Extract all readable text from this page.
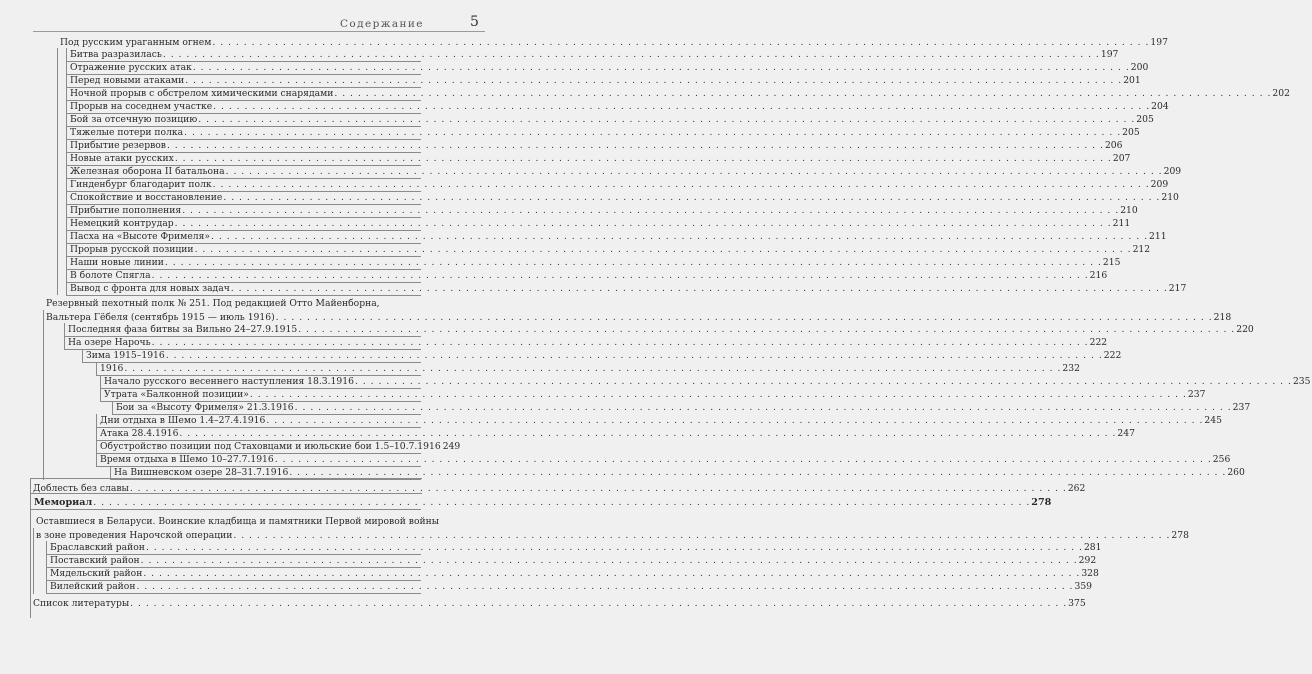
Содержание	5
Под русским ураганным огнем . . . . . . . . . . . . . . . . . . . . . . . . . . . . . . . . . . . . . . . . . . . . . . . . . . . . . . . . . . . . . . . . . . . . . . . . . . . . . . . . . . . . . . . . . . . . . . . . . . . . . . . . . . . . . . . . . . . . . . . . 197
Битва разразилась . . . . . . . . . . . . . . . . . . . . . . . . . . . . . . . . . . . . . . . . . . . . . . . . . . . . . . . . . . . . . . . . . . . . . . . . . . . . . . . . . . . . . . . . . . . . . . . . . . . . . . . . . . . . . . . . . . . . . . . . 197
Отражение русских атак . . . . . . . . . . . . . . . . . . . . . . . . . . . . . . . . . . . . . . . . . . . . . . . . . . . . . . . . . . . . . . . . . . . . . . . . . . . . . . . . . . . . . . . . . . . . . . . . . . . . . . . . . . . . . . . . . . . . . . . . 200
Перед новыми атаками . . . . . . . . . . . . . . . . . . . . . . . . . . . . . . . . . . . . . . . . . . . . . . . . . . . . . . . . . . . . . . . . . . . . . . . . . . . . . . . . . . . . . . . . . . . . . . . . . . . . . . . . . . . . . . . . . . . . . . . . 201
Ночной прорыв с обстрелом химическими снарядами . . . . . . . . . . . . . . . . . . . . . . . . . . . . . . . . . . . . . . . . . . . . . . . . . . . . . . . . . . . . . . . . . . . . . . . . . . . . . . . . . . . . . . . . . . . . . . . . . . . . . . . . . . . . . . . . . . . . . . . . 202
Прорыв на соседнем участке . . . . . . . . . . . . . . . . . . . . . . . . . . . . . . . . . . . . . . . . . . . . . . . . . . . . . . . . . . . . . . . . . . . . . . . . . . . . . . . . . . . . . . . . . . . . . . . . . . . . . . . . . . . . . . . . . . . . . . . . 204
Бой за отсечную позицию . . . . . . . . . . . . . . . . . . . . . . . . . . . . . . . . . . . . . . . . . . . . . . . . . . . . . . . . . . . . . . . . . . . . . . . . . . . . . . . . . . . . . . . . . . . . . . . . . . . . . . . . . . . . . . . . . . . . . . . . 205
Тяжелые потери полка . . . . . . . . . . . . . . . . . . . . . . . . . . . . . . . . . . . . . . . . . . . . . . . . . . . . . . . . . . . . . . . . . . . . . . . . . . . . . . . . . . . . . . . . . . . . . . . . . . . . . . . . . . . . . . . . . . . . . . . . 205
Прибытие резервов . . . . . . . . . . . . . . . . . . . . . . . . . . . . . . . . . . . . . . . . . . . . . . . . . . . . . . . . . . . . . . . . . . . . . . . . . . . . . . . . . . . . . . . . . . . . . . . . . . . . . . . . . . . . . . . . . . . . . . . . 206
Новые атаки русских . . . . . . . . . . . . . . . . . . . . . . . . . . . . . . . . . . . . . . . . . . . . . . . . . . . . . . . . . . . . . . . . . . . . . . . . . . . . . . . . . . . . . . . . . . . . . . . . . . . . . . . . . . . . . . . . . . . . . . . . 207
Железная оборона II батальона . . . . . . . . . . . . . . . . . . . . . . . . . . . . . . . . . . . . . . . . . . . . . . . . . . . . . . . . . . . . . . . . . . . . . . . . . . . . . . . . . . . . . . . . . . . . . . . . . . . . . . . . . . . . . . . . . . . . . . . . 209
Гинденбург благодарит полк . . . . . . . . . . . . . . . . . . . . . . . . . . . . . . . . . . . . . . . . . . . . . . . . . . . . . . . . . . . . . . . . . . . . . . . . . . . . . . . . . . . . . . . . . . . . . . . . . . . . . . . . . . . . . . . . . . . . . . . . 209
Спокойствие и восстановление . . . . . . . . . . . . . . . . . . . . . . . . . . . . . . . . . . . . . . . . . . . . . . . . . . . . . . . . . . . . . . . . . . . . . . . . . . . . . . . . . . . . . . . . . . . . . . . . . . . . . . . . . . . . . . . . . . . . . . . . 210
Прибытие пополнения . . . . . . . . . . . . . . . . . . . . . . . . . . . . . . . . . . . . . . . . . . . . . . . . . . . . . . . . . . . . . . . . . . . . . . . . . . . . . . . . . . . . . . . . . . . . . . . . . . . . . . . . . . . . . . . . . . . . . . . . 210
Немецкий контрудар . . . . . . . . . . . . . . . . . . . . . . . . . . . . . . . . . . . . . . . . . . . . . . . . . . . . . . . . . . . . . . . . . . . . . . . . . . . . . . . . . . . . . . . . . . . . . . . . . . . . . . . . . . . . . . . . . . . . . . . . 211
Пасха на «Высоте Фримеля» . . . . . . . . . . . . . . . . . . . . . . . . . . . . . . . . . . . . . . . . . . . . . . . . . . . . . . . . . . . . . . . . . . . . . . . . . . . . . . . . . . . . . . . . . . . . . . . . . . . . . . . . . . . . . . . . . . . . . . . . 211
Прорыв русской позиции . . . . . . . . . . . . . . . . . . . . . . . . . . . . . . . . . . . . . . . . . . . . . . . . . . . . . . . . . . . . . . . . . . . . . . . . . . . . . . . . . . . . . . . . . . . . . . . . . . . . . . . . . . . . . . . . . . . . . . . . 212
Наши новые линии . . . . . . . . . . . . . . . . . . . . . . . . . . . . . . . . . . . . . . . . . . . . . . . . . . . . . . . . . . . . . . . . . . . . . . . . . . . . . . . . . . . . . . . . . . . . . . . . . . . . . . . . . . . . . . . . . . . . . . . . 215
В болоте Спягла . . . . . . . . . . . . . . . . . . . . . . . . . . . . . . . . . . . . . . . . . . . . . . . . . . . . . . . . . . . . . . . . . . . . . . . . . . . . . . . . . . . . . . . . . . . . . . . . . . . . . . . . . . . . . . . . . . . . . . . . 216
Вывод с фронта для новых задач . . . . . . . . . . . . . . . . . . . . . . . . . . . . . . . . . . . . . . . . . . . . . . . . . . . . . . . . . . . . . . . . . . . . . . . . . . . . . . . . . . . . . . . . . . . . . . . . . . . . . . . . . . . . . . . . . . . . . . . . 217
Резервный пехотный полк № 251. Под редакцией Отто Майенборна,
Вальтера Гёбеля (сентябрь 1915 — июль 1916) . . . . . . . . . . . . . . . . . . . . . . . . . . . . . . . . . . . . . . . . . . . . . . . . . . . . . . . . . . . . . . . . . . . . . . . . . . . . . . . . . . . . . . . . . . . . . . . . . . . . . . . . . . . . . . . . . . . . . . . . 218
Последняя фаза битвы за Вильно 24–27.9.1915 . . . . . . . . . . . . . . . . . . . . . . . . . . . . . . . . . . . . . . . . . . . . . . . . . . . . . . . . . . . . . . . . . . . . . . . . . . . . . . . . . . . . . . . . . . . . . . . . . . . . . . . . . . . . . . . . . . . . . . . . 220
На озере Нарочь . . . . . . . . . . . . . . . . . . . . . . . . . . . . . . . . . . . . . . . . . . . . . . . . . . . . . . . . . . . . . . . . . . . . . . . . . . . . . . . . . . . . . . . . . . . . . . . . . . . . . . . . . . . . . . . . . . . . . . . . 222
Зима 1915–1916 . . . . . . . . . . . . . . . . . . . . . . . . . . . . . . . . . . . . . . . . . . . . . . . . . . . . . . . . . . . . . . . . . . . . . . . . . . . . . . . . . . . . . . . . . . . . . . . . . . . . . . . . . . . . . . . . . . . . . . . . 222
1916 . . . . . . . . . . . . . . . . . . . . . . . . . . . . . . . . . . . . . . . . . . . . . . . . . . . . . . . . . . . . . . . . . . . . . . . . . . . . . . . . . . . . . . . . . . . . . . . . . . . . . . . . . . . . . . . . . . . . . . . . 232
Начало русского весеннего наступления 18.3.1916 . . . . . . . . . . . . . . . . . . . . . . . . . . . . . . . . . . . . . . . . . . . . . . . . . . . . . . . . . . . . . . . . . . . . . . . . . . . . . . . . . . . . . . . . . . . . . . . . . . . . . . . . . . . . . . . . . . . . . . . . 235
Утрата «Балконной позиции» . . . . . . . . . . . . . . . . . . . . . . . . . . . . . . . . . . . . . . . . . . . . . . . . . . . . . . . . . . . . . . . . . . . . . . . . . . . . . . . . . . . . . . . . . . . . . . . . . . . . . . . . . . . . . . . . . . . . . . . . 237
Бои за «Высоту Фримеля» 21.3.1916 . . . . . . . . . . . . . . . . . . . . . . . . . . . . . . . . . . . . . . . . . . . . . . . . . . . . . . . . . . . . . . . . . . . . . . . . . . . . . . . . . . . . . . . . . . . . . . . . . . . . . . . . . . . . . . . . . . . . . . . . 237
Дни отдыха в Шемо 1.4–27.4.1916 . . . . . . . . . . . . . . . . . . . . . . . . . . . . . . . . . . . . . . . . . . . . . . . . . . . . . . . . . . . . . . . . . . . . . . . . . . . . . . . . . . . . . . . . . . . . . . . . . . . . . . . . . . . . . . . . . . . . . . . . 245
Атака 28.4.1916 . . . . . . . . . . . . . . . . . . . . . . . . . . . . . . . . . . . . . . . . . . . . . . . . . . . . . . . . . . . . . . . . . . . . . . . . . . . . . . . . . . . . . . . . . . . . . . . . . . . . . . . . . . . . . . . . . . . . . . . . 247
Обустройство позиции под Стаховцами и июльские бои 1.5–10.7.1916 249
Время отдыха в Шемо 10–27.7.1916 . . . . . . . . . . . . . . . . . . . . . . . . . . . . . . . . . . . . . . . . . . . . . . . . . . . . . . . . . . . . . . . . . . . . . . . . . . . . . . . . . . . . . . . . . . . . . . . . . . . . . . . . . . . . . . . . . . . . . . . . 256
На Вишневском озере 28–31.7.1916 . . . . . . . . . . . . . . . . . . . . . . . . . . . . . . . . . . . . . . . . . . . . . . . . . . . . . . . . . . . . . . . . . . . . . . . . . . . . . . . . . . . . . . . . . . . . . . . . . . . . . . . . . . . . . . . . . . . . . . . . 260
Доблесть без славы . . . . . . . . . . . . . . . . . . . . . . . . . . . . . . . . . . . . . . . . . . . . . . . . . . . . . . . . . . . . . . . . . . . . . . . . . . . . . . . . . . . . . . . . . . . . . . . . . . . . . . . . . . . . . . . . . . . . . . . . 262
Мемориал . . . . . . . . . . . . . . . . . . . . . . . . . . . . . . . . . . . . . . . . . . . . . . . . . . . . . . . . . . . . . . . . . . . . . . . . . . . . . . . . . . . . . . . . . . . . . . . . . . . . . . . . . . . . . . . . . . . . . . . . 278
Оставшиеся в Беларуси. Воинские кладбища и памятники Первой мировой войны
в зоне проведения Нарочской операции . . . . . . . . . . . . . . . . . . . . . . . . . . . . . . . . . . . . . . . . . . . . . . . . . . . . . . . . . . . . . . . . . . . . . . . . . . . . . . . . . . . . . . . . . . . . . . . . . . . . . . . . . . . . . . . . . . . . . . . . 278
Браславский район . . . . . . . . . . . . . . . . . . . . . . . . . . . . . . . . . . . . . . . . . . . . . . . . . . . . . . . . . . . . . . . . . . . . . . . . . . . . . . . . . . . . . . . . . . . . . . . . . . . . . . . . . . . . . . . . . . . . . . . . 281
Поставский район . . . . . . . . . . . . . . . . . . . . . . . . . . . . . . . . . . . . . . . . . . . . . . . . . . . . . . . . . . . . . . . . . . . . . . . . . . . . . . . . . . . . . . . . . . . . . . . . . . . . . . . . . . . . . . . . . . . . . . . . 292
Мядельский район . . . . . . . . . . . . . . . . . . . . . . . . . . . . . . . . . . . . . . . . . . . . . . . . . . . . . . . . . . . . . . . . . . . . . . . . . . . . . . . . . . . . . . . . . . . . . . . . . . . . . . . . . . . . . . . . . . . . . . . . 328
Вилейский район . . . . . . . . . . . . . . . . . . . . . . . . . . . . . . . . . . . . . . . . . . . . . . . . . . . . . . . . . . . . . . . . . . . . . . . . . . . . . . . . . . . . . . . . . . . . . . . . . . . . . . . . . . . . . . . . . . . . . . . . 359
Список литературы . . . . . . . . . . . . . . . . . . . . . . . . . . . . . . . . . . . . . . . . . . . . . . . . . . . . . . . . . . . . . . . . . . . . . . . . . . . . . . . . . . . . . . . . . . . . . . . . . . . . . . . . . . . . . . . . . . . . . . . . 375
